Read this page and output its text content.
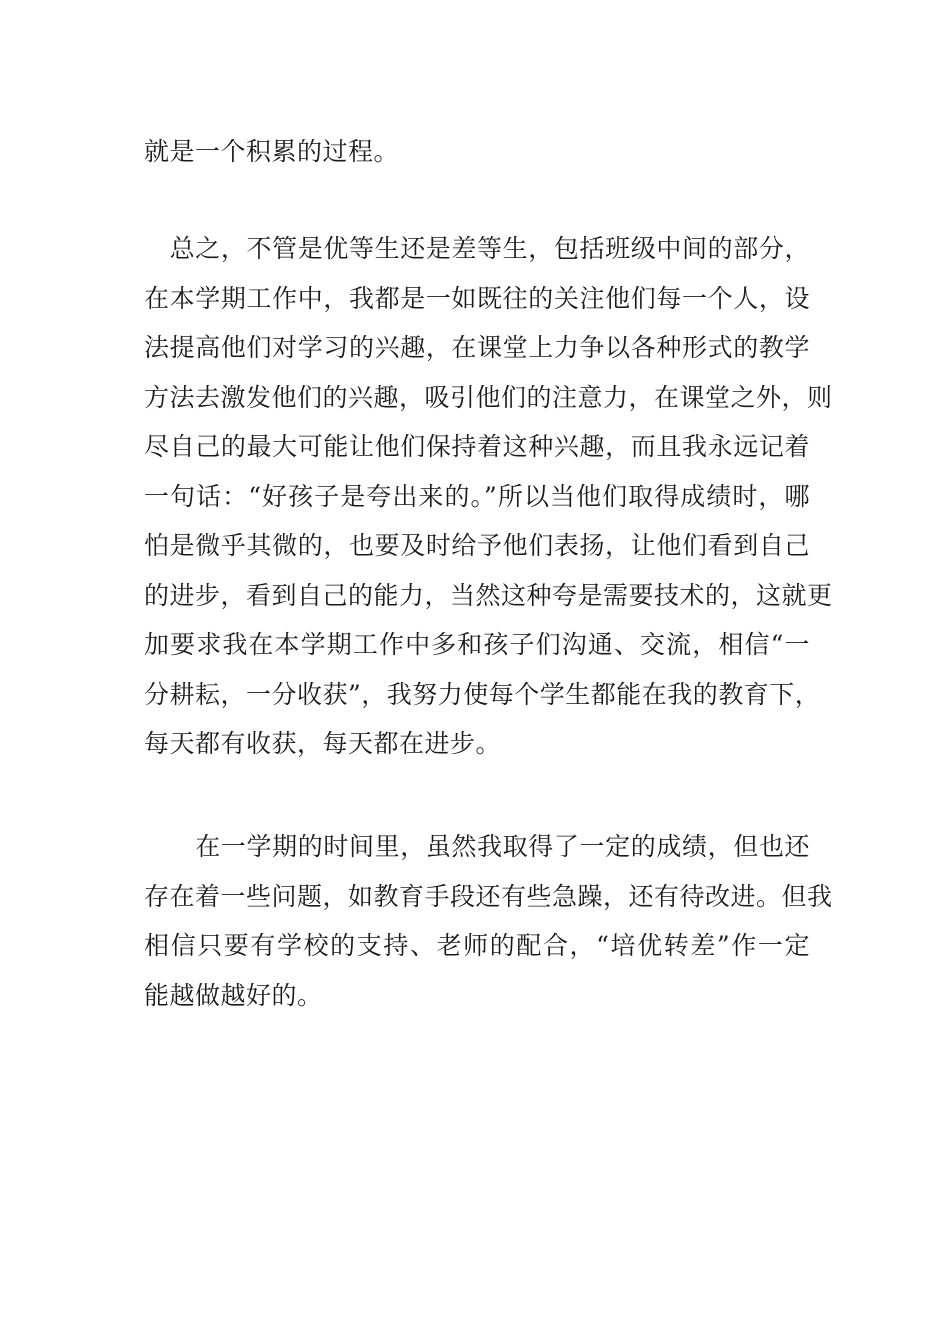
就是一个积累的过程。
　总之，不管是优等生还是差等生，包括班级中间的部分，
在本学期工作中，我都是一如既往的关注他们每一个人，设
法提高他们对学习的兴趣，在课堂上力争以各种形式的教学
方法去激发他们的兴趣，吸引他们的注意力，在课堂之外，则
尽自己的最大可能让他们保持着这种兴趣，而且我永远记着
一句话：“好孩子是夸出来的。”所以当他们取得成绩时，哪
怕是微乎其微的，也要及时给予他们表扬，让他们看到自己
的进步，看到自己的能力，当然这种夸是需要技术的，这就更
加要求我在本学期工作中多和孩子们沟通、交流，相信“一
分耕耘，一分收获”，我努力使每个学生都能在我的教育下，
每天都有收获，每天都在进步。
　　在一学期的时间里，虽然我取得了一定的成绩，但也还
存在着一些问题，如教育手段还有些急躁，还有待改进。但我
相信只要有学校的支持、老师的配合，“培优转差”作一定
能越做越好的。
